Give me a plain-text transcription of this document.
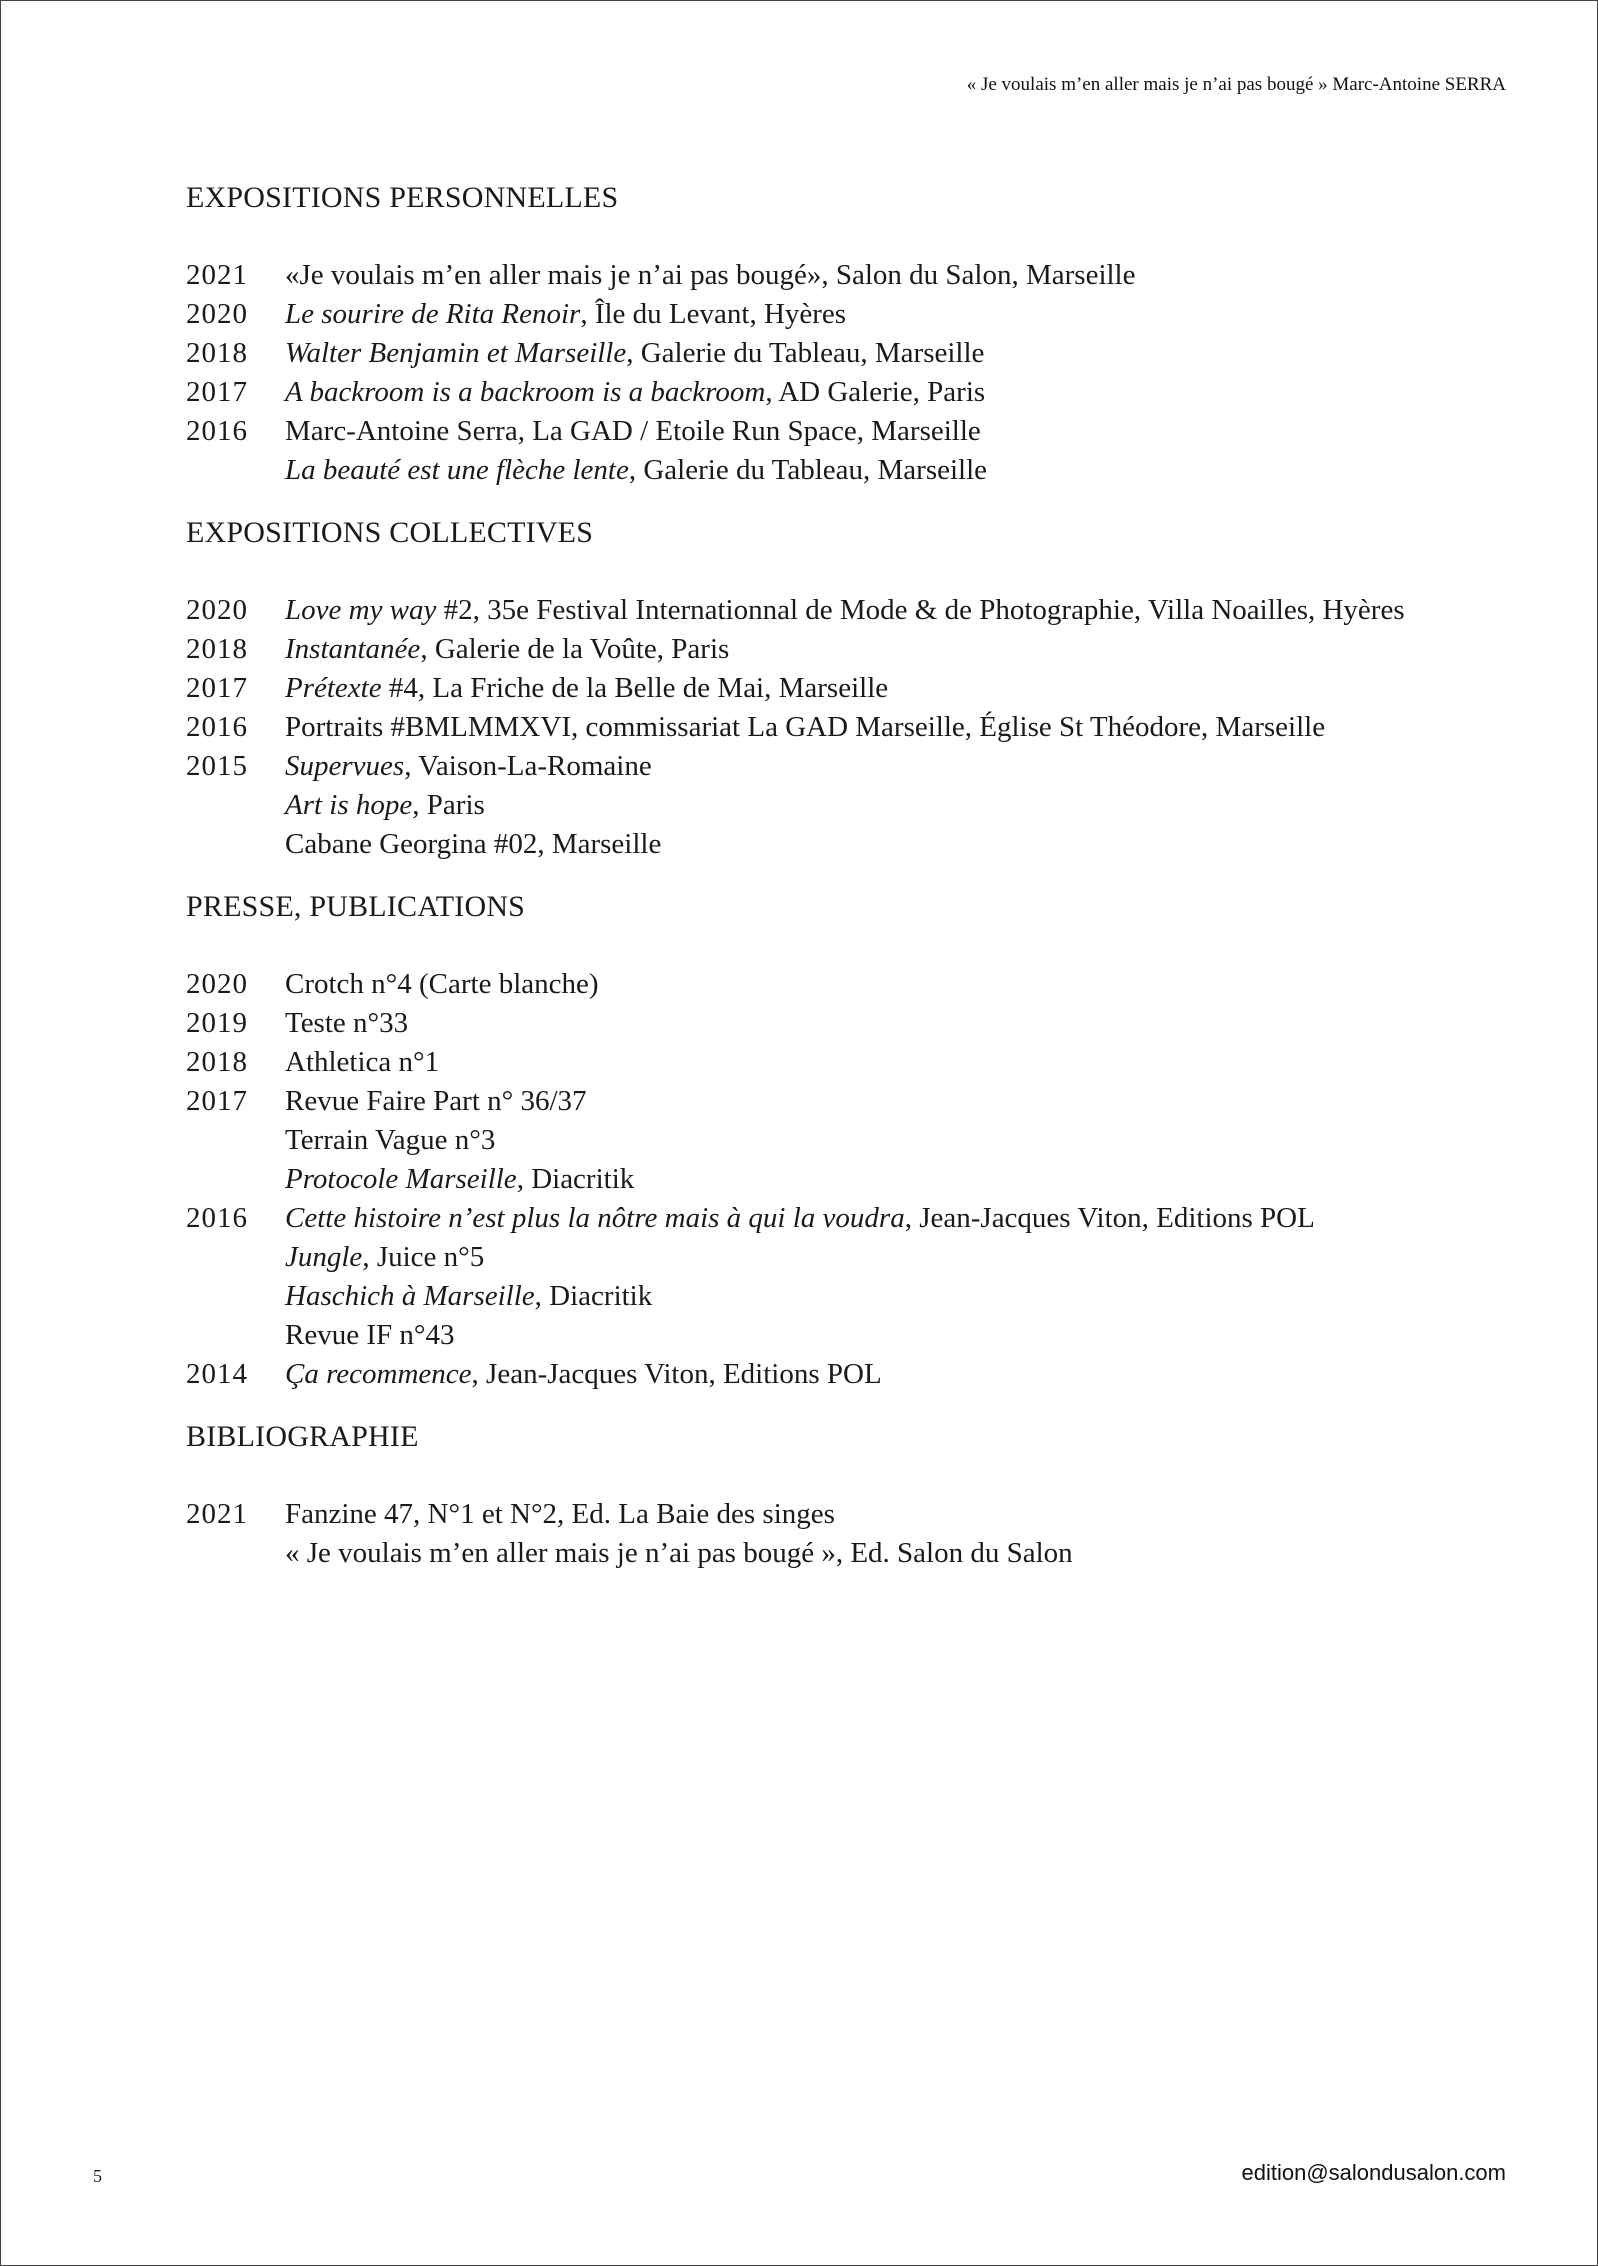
« Je voulais m’en aller mais je n’ai pas bougé » Marc-Antoine SERRA
EXPOSITIONS PERSONNELLES
2021	«Je voulais m’en aller mais je n’ai pas bougé», Salon du Salon, Marseille
2020	Le sourire de Rita Renoir, Île du Levant, Hyères
2018	Walter Benjamin et Marseille, Galerie du Tableau, Marseille
2017	A backroom is a backroom is a backroom, AD Galerie, Paris
2016	Marc-Antoine Serra, La GAD / Etoile Run Space, Marseille
La beauté est une flèche lente, Galerie du Tableau, Marseille
EXPOSITIONS COLLECTIVES
2020	Love my way #2, 35e Festival Internationnal de Mode & de Photographie, Villa Noailles, Hyères
2018	Instantanée, Galerie de la Voûte, Paris
2017	Prétexte #4, La Friche de la Belle de Mai, Marseille
2016	Portraits #BMLMMXVI, commissariat La GAD Marseille, Église St Théodore, Marseille
2015	Supervues, Vaison-La-Romaine
Art is hope, Paris
Cabane Georgina #02, Marseille
PRESSE, PUBLICATIONS
2020	Crotch n°4 (Carte blanche)
2019	Teste n°33
2018	Athletica n°1
2017	Revue Faire Part n° 36/37
Terrain Vague n°3
Protocole Marseille, Diacritik
2016	Cette histoire n’est plus la nôtre mais à qui la voudra, Jean-Jacques Viton, Editions POL
Jungle, Juice n°5
Haschich à Marseille, Diacritik
Revue IF n°43
2014	Ça recommence, Jean-Jacques Viton, Editions POL
BIBLIOGRAPHIE
2021	Fanzine 47, N°1 et N°2, Ed. La Baie des singes
« Je voulais m’en aller mais je n’ai pas bougé », Ed. Salon du Salon
5	edition@salondusalon.com
